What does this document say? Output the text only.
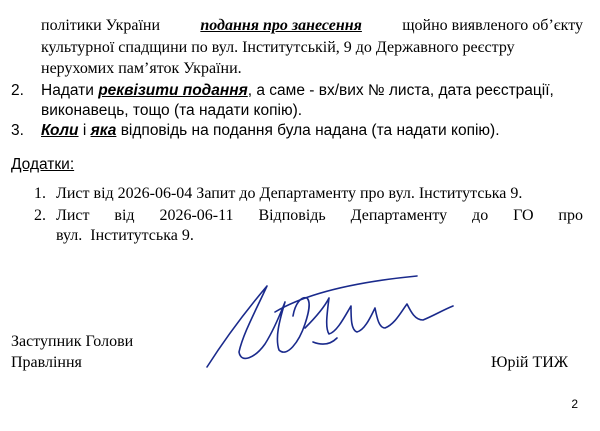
політики України	подання про занесення	щойно виявленого об’єкту
культурної спадщини по вул. Інститутській, 9 до Державного реєстру
нерухомих пам’яток України.
2. Надати реквізити подання, а саме - вх/вих № листа, дата реєстрації,
виконавець, тощо (та надати копію).
3. Коли і яка відповідь на подання була надана (та надати копію).
Додатки:
1. Лист від 2026-06-04 Запит до Департаменту про вул. Інститутська 9.
2. Лист від 2026-06-11 Відповідь Департаменту до ГО про
вул.  Інститутська 9.
Заступник Голови
Правління	Юрій ТИЖ
2
